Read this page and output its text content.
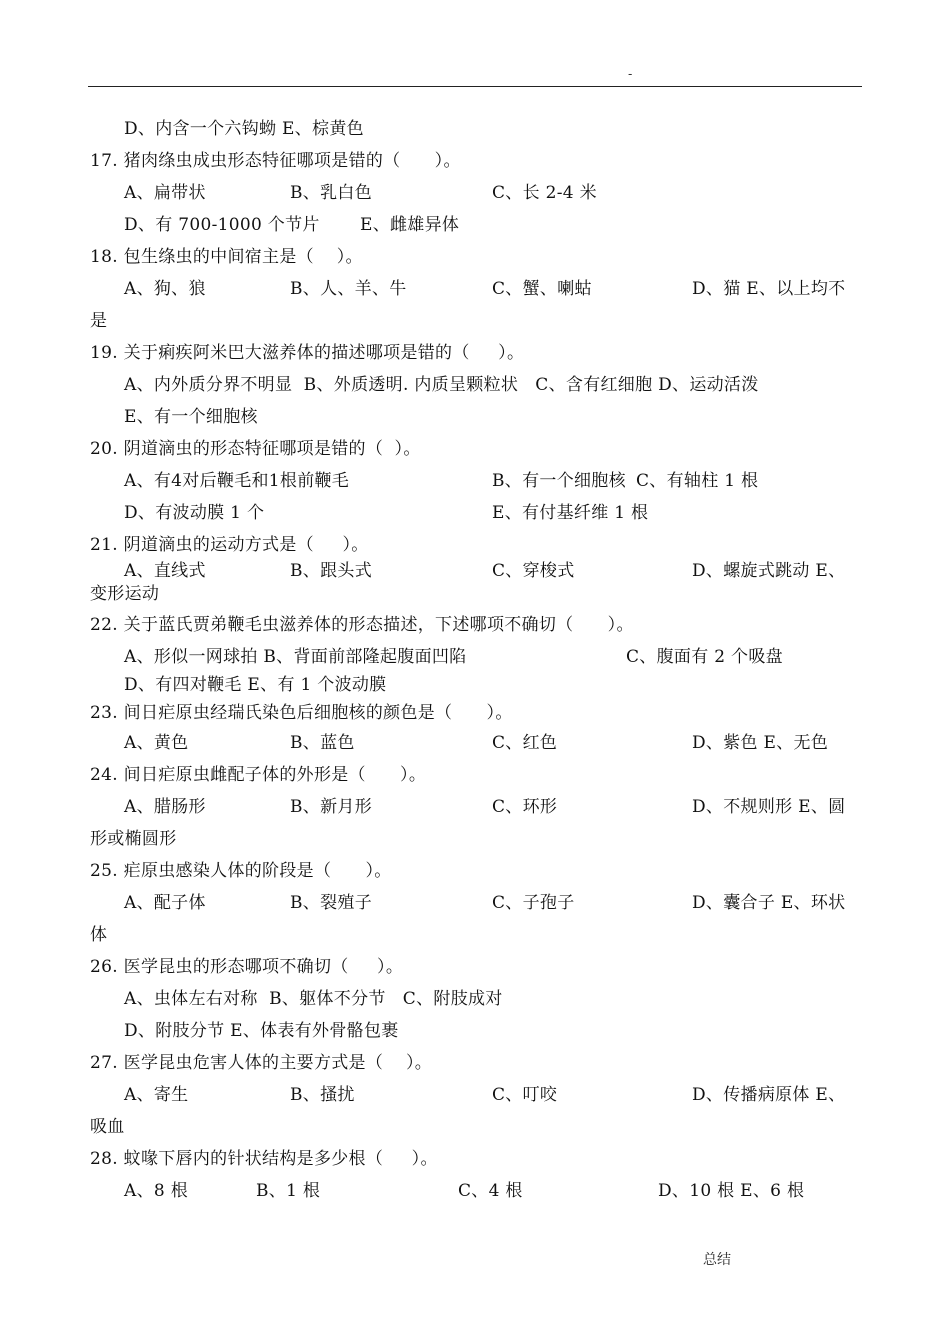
-
D、内含一个六钩蚴 E、棕黄色
17. 猪肉绦虫成虫形态特征哪项是错的（      ）。
A、扁带状	B、乳白色	C、长 2-4 米
D、有 700-1000 个节片 E、雌雄异体
18. 包生绦虫的中间宿主是（    ）。
A、狗、狼	B、人、羊、牛	C、蟹、喇蛄	D、猫 E、以上均不
是
19. 关于痢疾阿米巴大滋养体的描述哪项是错的（     ）。
A、内外质分界不明显  B、外质透明. 内质呈颗粒状   C、含有红细胞 D、运动活泼
E、有一个细胞核
20. 阴道滴虫的形态特征哪项是错的（  ）。
A、有4对后鞭毛和1根前鞭毛	B、有一个细胞核 C、有轴柱 1 根
D、有波动膜 1 个	E、有付基纤维 1 根
21. 阴道滴虫的运动方式是（     ）。
A、直线式	B、跟头式	C、穿梭式	D、螺旋式跳动 E、
变形运动
22. 关于蓝氏贾弟鞭毛虫滋养体的形态描述，下述哪项不确切（      ）。
A、形似一网球拍 B、背面前部隆起腹面凹陷	C、腹面有 2 个吸盘
D、有四对鞭毛 E、有 1 个波动膜
23. 间日疟原虫经瑞氏染色后细胞核的颜色是（      ）。
A、黄色	B、蓝色	C、红色	D、紫色 E、无色
24. 间日疟原虫雌配子体的外形是（      ）。
A、腊肠形	B、新月形	C、环形	D、不规则形 E、圆
形或椭圆形
25. 疟原虫感染人体的阶段是（      ）。
A、配子体	B、裂殖子	C、子孢子	D、囊合子 E、环状
体
26. 医学昆虫的形态哪项不确切（     ）。
A、虫体左右对称  B、躯体不分节   C、附肢成对
D、附肢分节 E、体表有外骨骼包裹
27. 医学昆虫危害人体的主要方式是（    ）。
A、寄生	B、搔扰	C、叮咬	D、传播病原体 E、
吸血
28. 蚊喙下唇内的针状结构是多少根（     ）。
A、8 根	B、1 根	C、4 根	D、10 根 E、6 根
总结
